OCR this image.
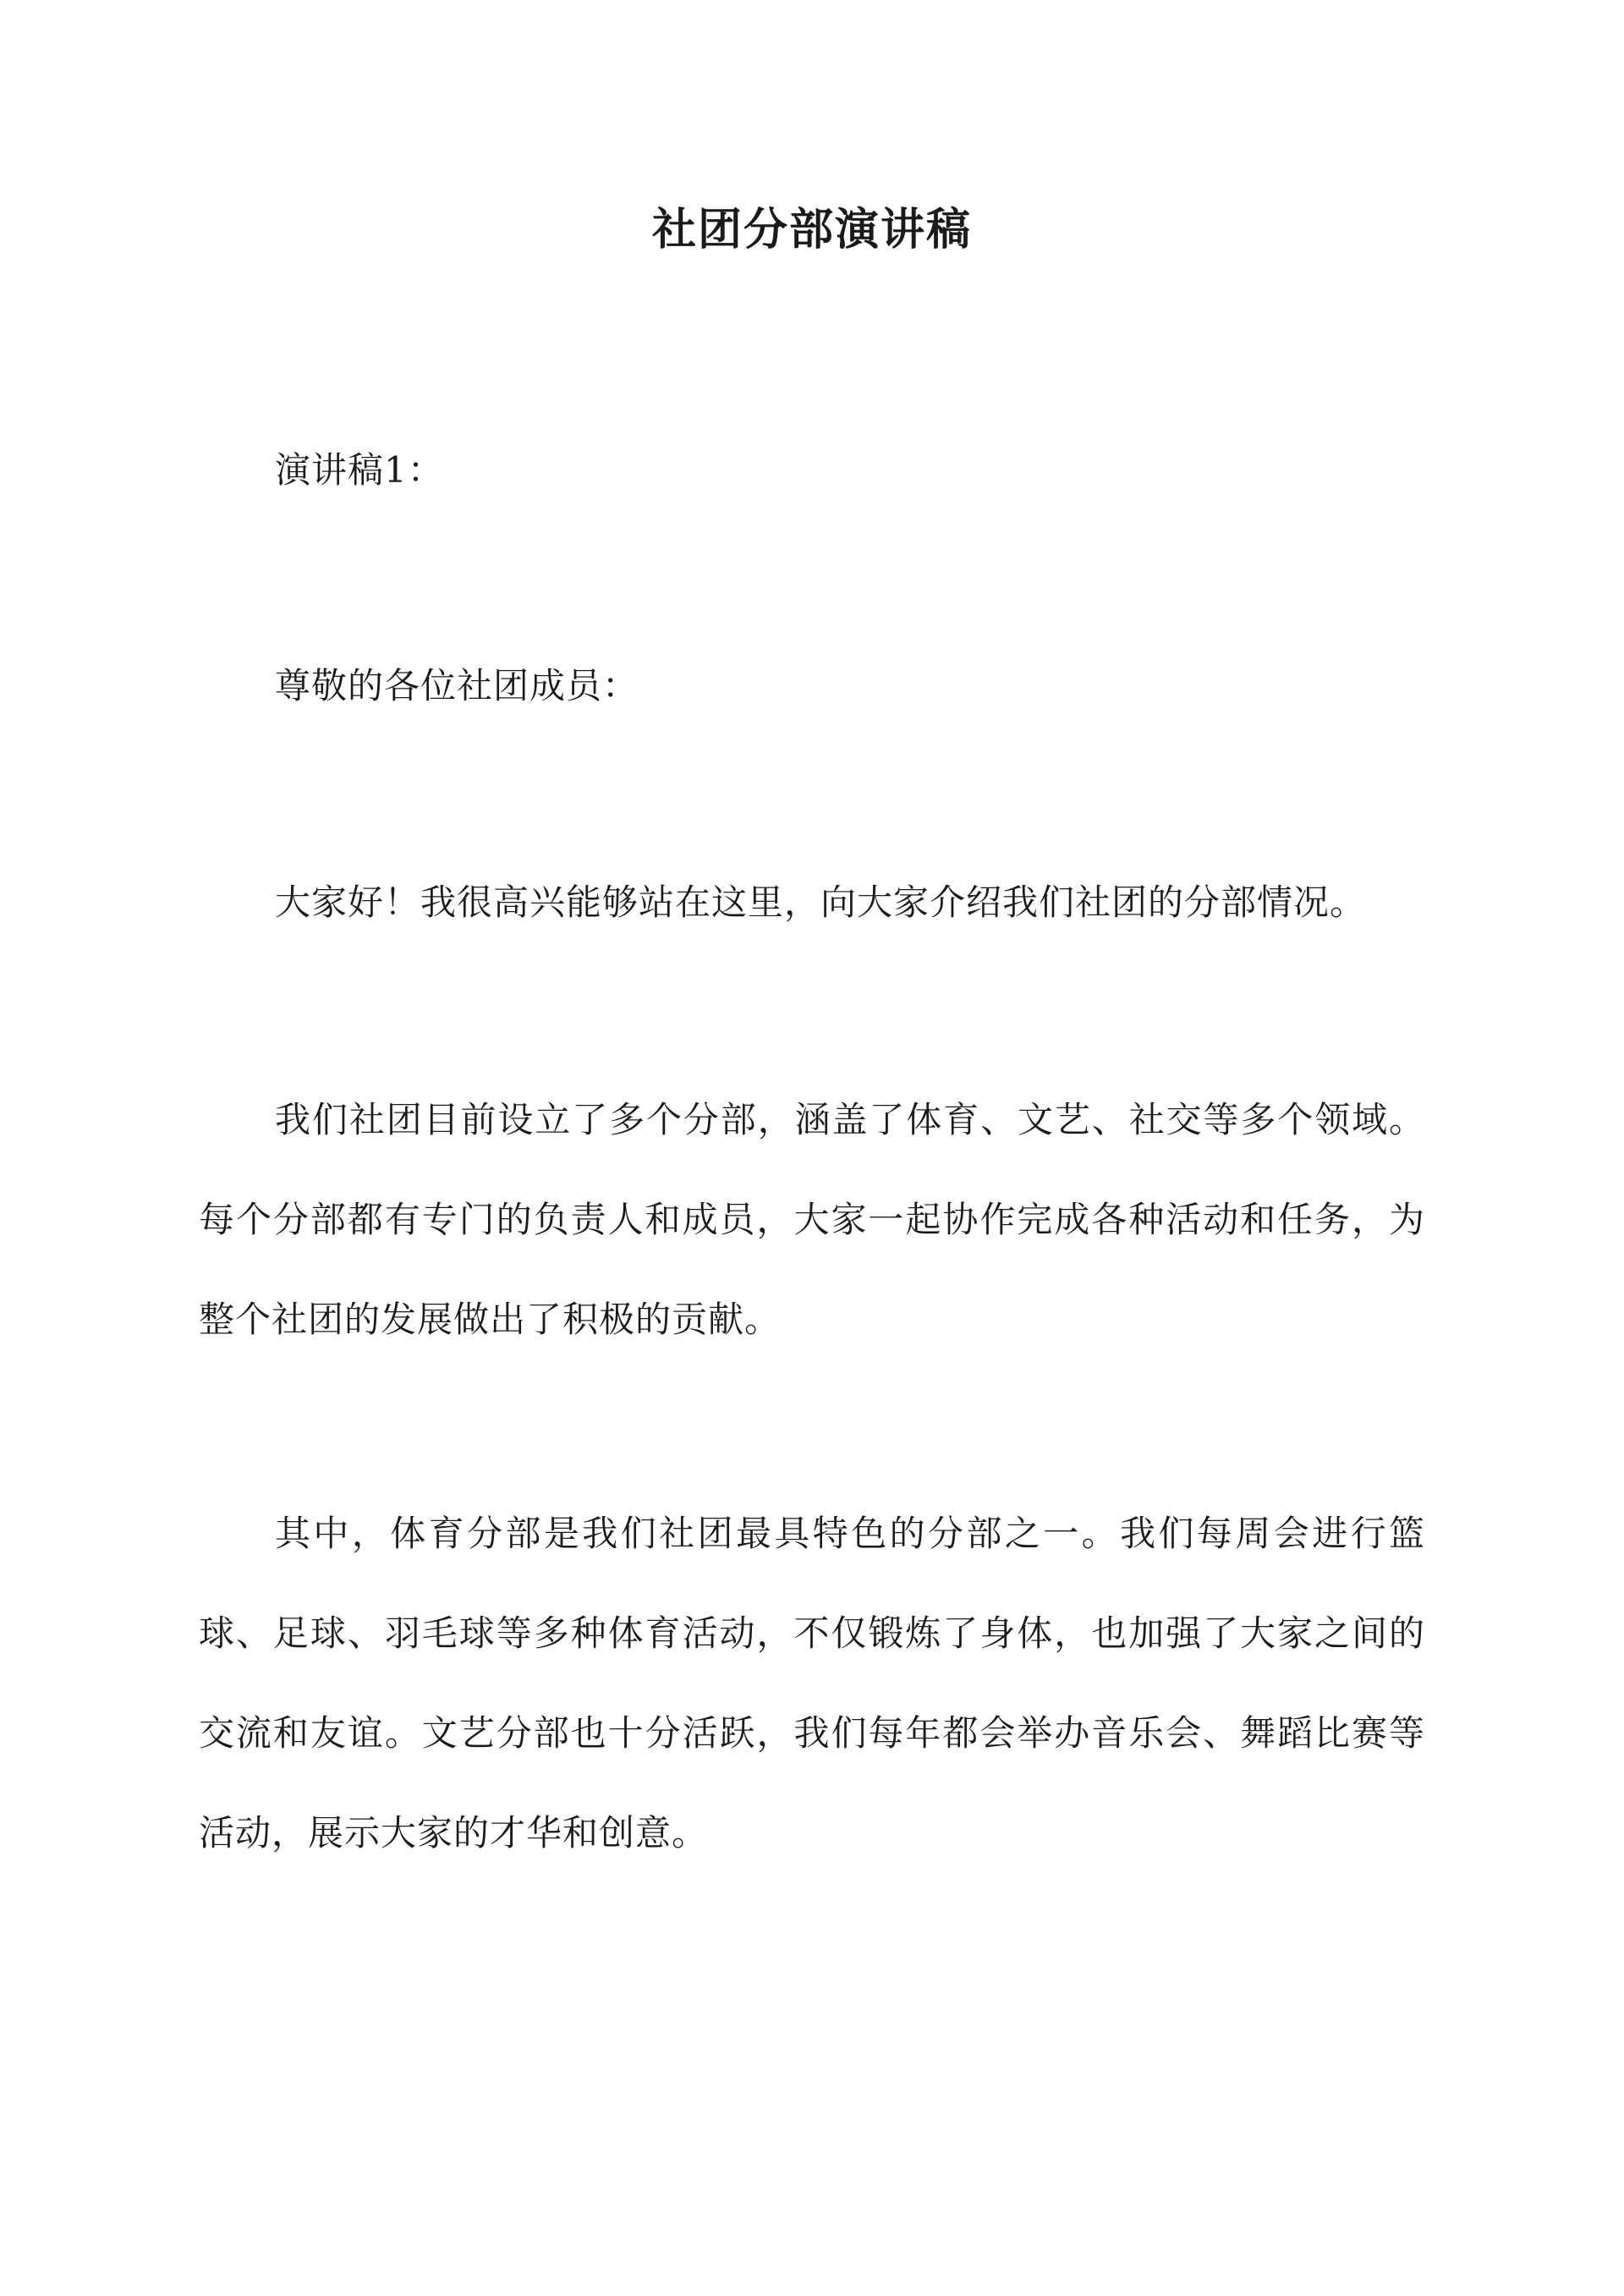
社团分部演讲稿

演讲稿1：

尊敬的各位社团成员：

大家好！我很高兴能够站在这里，向大家介绍我们社团的分部情况。

我们社团目前设立了多个分部，涵盖了体育、文艺、社交等多个领域。每个分部都有专门的负责人和成员，大家一起协作完成各种活动和任务，为整个社团的发展做出了积极的贡献。

其中，体育分部是我们社团最具特色的分部之一。我们每周会进行篮球、足球、羽毛球等多种体育活动，不仅锻炼了身体，也加强了大家之间的交流和友谊。文艺分部也十分活跃，我们每年都会举办音乐会、舞蹈比赛等活动，展示大家的才华和创意。
